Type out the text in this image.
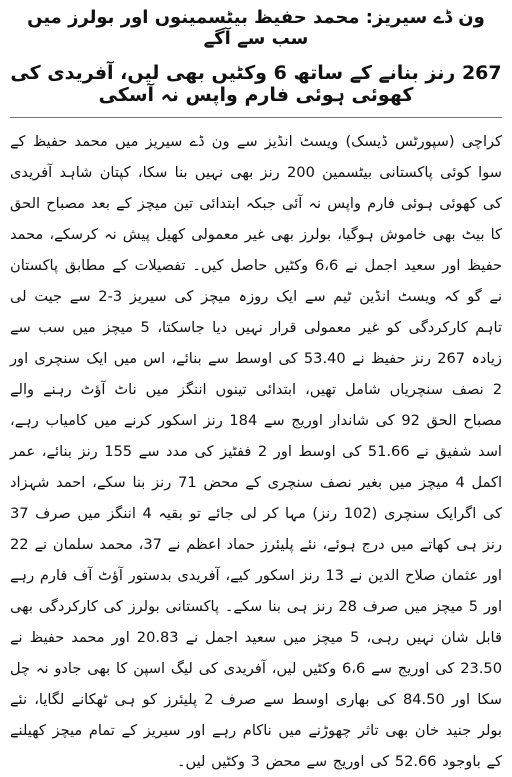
ون ڈے سیریز: محمد حفیظ بیٹسمینوں اور بولرز میں سب سے آگے
267 رنز بنانے کے ساتھ 6 وکٹیں بھی لیں، آفریدی کی کھوئی ہوئی فارم واپس نہ آسکی

کراچی (سپورٹس ڈیسک) ویسٹ انڈیز سے ون ڈے سیریز میں محمد حفیظ کے سوا کوئی پاکستانی بیٹسمین 200 رنز بھی نہیں بنا سکا، کپتان شاہد آفریدی کی کھوئی ہوئی فارم واپس نہ آئی جبکہ ابتدائی تین میچز کے بعد مصباح الحق کا بیٹ بھی خاموش ہوگیا، بولرز بھی غیر معمولی کھیل پیش نہ کرسکے، محمد حفیظ اور سعید اجمل نے 6،6 وکٹیں حاصل کیں۔ تفصیلات کے مطابق پاکستان نے گو کہ ویسٹ انڈین ٹیم سے ایک روزہ میچز کی سیریز 3-2 سے جیت لی تاہم کارکردگی کو غیر معمولی قرار نہیں دیا جاسکتا، 5 میچز میں سب سے زیادہ 267 رنز حفیظ نے 53.40 کی اوسط سے بنائے، اس میں ایک سنچری اور 2 نصف سنچریاں شامل تھیں، ابتدائی تینوں اننگز میں ناٹ آؤٹ رہنے والے مصباح الحق 92 کی شاندار اوریج سے 184 رنز اسکور کرنے میں کامیاب رہے، اسد شفیق نے 51.66 کی اوسط اور 2 ففٹیز کی مدد سے 155 رنز بنائے، عمر اکمل 4 میچز میں بغیر نصف سنچری کے محض 71 رنز بنا سکے، احمد شہزاد کی اگرایک سنچری (102 رنز) مہا کر لی جائے تو بقیہ 4 اننگز میں صرف 37 رنز ہی کھاتے میں درج ہوئے، نئے پلیئرز حماد اعظم نے 37، محمد سلمان نے 22 اور عثمان صلاح الدین نے 13 رنز اسکور کیے، آفریدی بدستور آؤٹ آف فارم رہے اور 5 میچز میں صرف 28 رنز ہی بنا سکے۔ پاکستانی بولرز کی کارکردگی بھی قابل شان نہیں رہی، 5 میچز میں سعید اجمل نے 20.83 اور محمد حفیظ نے 23.50 کی اوریج سے 6،6 وکٹیں لیں، آفریدی کی لیگ اسپن کا بھی جادو نہ چل سکا اور 84.50 کی بھاری اوسط سے صرف 2 پلیئرز کو ہی ٹھکانے لگایا، نئے بولر جنید خان بھی تاثر چھوڑنے میں ناکام رہے اور سیریز کے تمام میچز کھیلنے کے باوجود 52.66 کی اوریج سے محض 3 وکٹیں لیں۔
